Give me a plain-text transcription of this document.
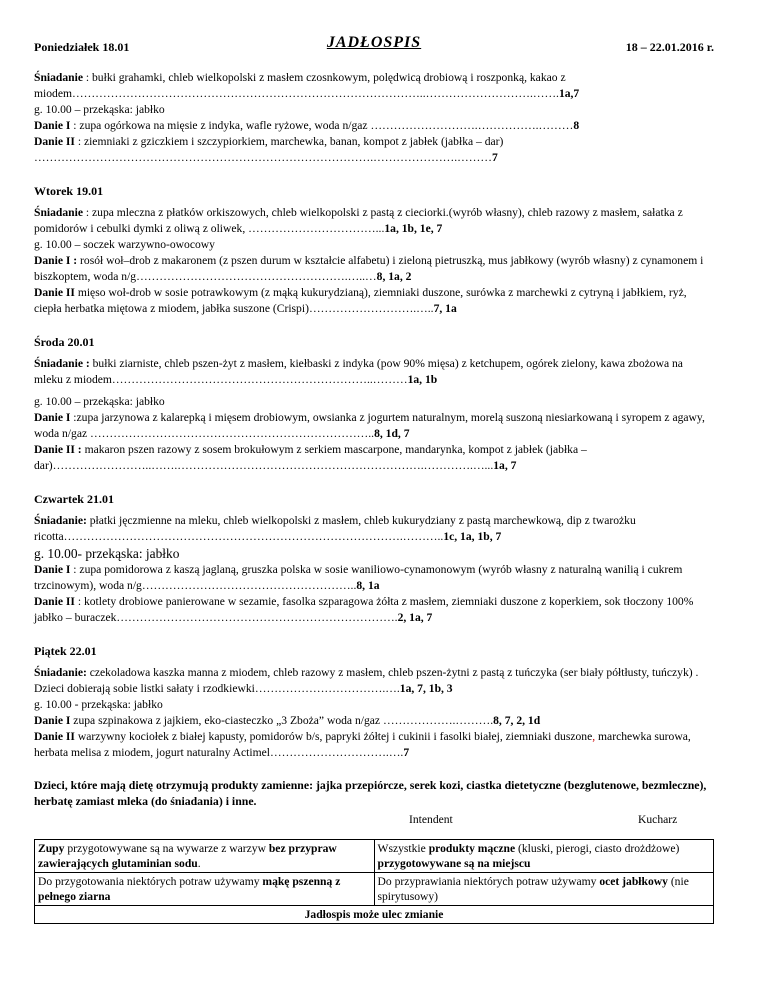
Poniedziałek 18.01	JADŁOSPIS	18 – 22.01.2016 r.

Śniadanie : bułki grahamki, chleb wielkopolski z masłem czosnkowym, polędwicą drobiową i roszponką, kakao z miodem………………………………………………………………………………..……………………….…….1a,7

g. 10.00 – przekąska: jabłko

Danie I : zupa ogórkowa na mięsie z indyka, wafle ryżowe, woda n/gaz ……………………….…………….………8

Danie II : ziemniaki z gziczkiem i szczypiorkiem, marchewka, banan, kompot z jabłek (jabłka – dar) …………………………………………………………………………….………………….………7

Wtorek 19.01

Śniadanie : zupa mleczna z płatków orkiszowych, chleb wielkopolski z pastą z cieciorki.(wyrób własny), chleb razowy z masłem, sałatka z pomidorów i cebulki dymki z oliwą z oliwek, ……………………………...1a, 1b, 1e, 7

g. 10.00 – soczek warzywno-owocowy

Danie I : rosół woł–drob z makaronem (z pszen durum w kształcie alfabetu) i zieloną pietruszką, mus jabłkowy (wyrób własny) z cynamonem i biszkoptem, woda n/g……………………………………………….…..…8, 1a, 2

Danie II mięso woł-drob w sosie potrawkowym (z mąką kukurydzianą), ziemniaki duszone, surówka z marchewki z cytryną i jabłkiem, ryż, ciepła herbatka miętowa z miodem, jabłka suszone (Crispi)……………………….…..7, 1a

Środa 20.01

Śniadanie : bułki ziarniste, chleb pszen-żyt z masłem, kiełbaski z indyka (pow 90% mięsa) z ketchupem, ogórek zielony, kawa zbożowa na mleku z miodem…………………………………………………………..………1a, 1b

g. 10.00 – przekąska: jabłko

Danie I :zupa jarzynowa z kalarepką i mięsem drobiowym, owsianka z jogurtem naturalnym, morelą suszoną niesiarkowaną i syropem z agawy, woda n/gaz ………………………………………………………………..8, 1d, 7

Danie II : makaron pszen razowy z sosem brokułowym z serkiem mascarpone, mandarynka, kompot z jabłek (jabłka – dar)……………………..…….……………………………………………………….………….…...1a, 7

Czwartek 21.01

Śniadanie: płatki jęczmienne na mleku, chleb wielkopolski z masłem, chleb kukurydziany z pastą marchewkową, dip z twarożku ricotta…………………………………………………………………………….………..1c, 1a, 1b, 7

g. 10.00- przekąska: jabłko

Danie I : zupa pomidorowa z kaszą jaglaną, gruszka polska w sosie waniliowo-cynamonowym (wyrób własny z naturalną wanilią i cukrem trzcinowym), woda n/g………………………………………………..8, 1a

Danie II : kotlety drobiowe panierowane w sezamie, fasolka szparagowa żółta z masłem, ziemniaki duszone z koperkiem, sok tłoczony 100% jabłko – buraczek……………………………………………………………….2, 1a, 7

Piątek 22.01

Śniadanie: czekoladowa kaszka manna z miodem, chleb razowy z masłem, chleb pszen-żytni z pastą z tuńczyka (ser biały półtłusty, tuńczyk) . Dzieci dobierają sobie listki sałaty i rzodkiewki…………………………….….1a, 7, 1b, 3

g. 10.00 - przekąska: jabłko

Danie I zupa szpinakowa z jajkiem, eko-ciasteczko „3 Zboża” woda n/gaz ……………….……….8, 7, 2, 1d

Danie II warzywny kociołek z białej kapusty, pomidorów b/s, papryki żółtej i cukinii i fasolki białej, ziemniaki duszone, marchewka surowa, herbata melisa z miodem, jogurt naturalny Actimel………………………….….7

Dzieci, które mają dietę otrzymują produkty zamienne: jajka przepiórcze, serek kozi, ciastka dietetyczne (bezglutenowe, bezmleczne), herbatę zamiast mleka (do śniadania) i inne.

Intendent	Kucharz
Zupy przygotowywane są na wywarze z warzyw bez przypraw zawierających glutaminian sodu.	Wszystkie produkty mączne (kluski, pierogi, ciasto drożdżowe) przygotowywane są na miejscu
Do przygotowania niektórych potraw używamy mąkę pszenną z pełnego ziarna	Do przyprawiania niektórych potraw używamy ocet jabłkowy (nie spirytusowy)
Jadłospis może ulec zmianie	
